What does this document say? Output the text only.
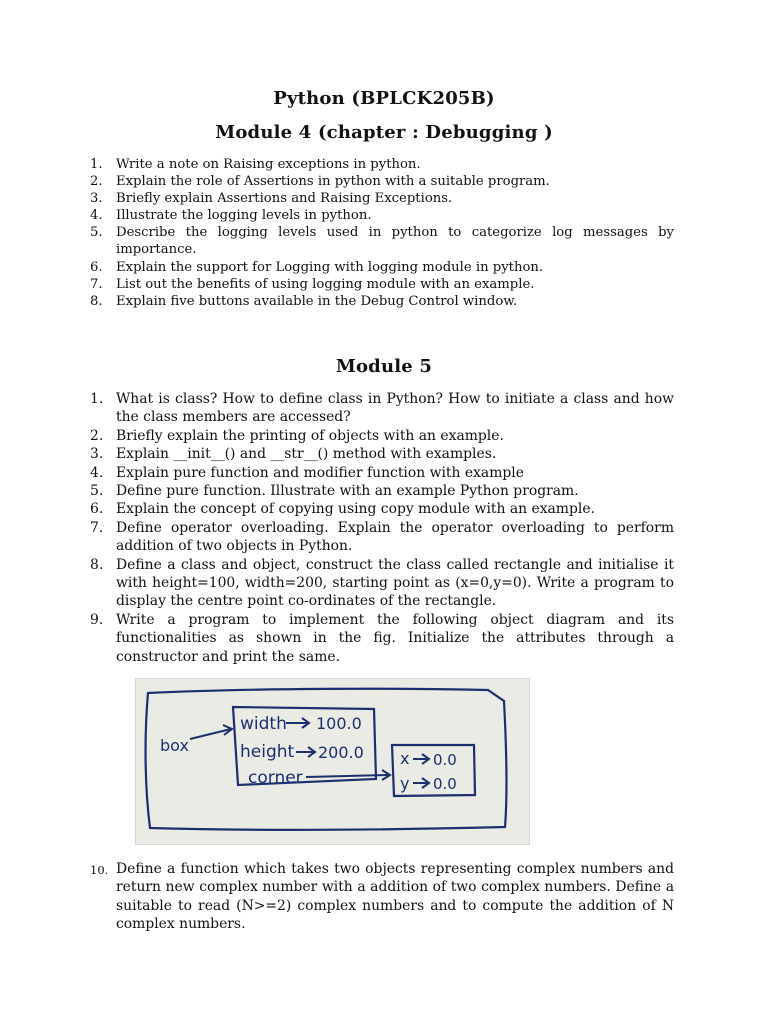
Python (BPLCK205B)
Module 4 (chapter : Debugging )
1. Write a note on Raising exceptions in python.
2. Explain the role of Assertions in python with a suitable program.
3. Briefly explain Assertions and Raising Exceptions.
4. Illustrate the logging levels in python.
5. Describe the logging levels used in python to categorize log messages by importance.
6. Explain the support for Logging with logging module in python.
7. List out the benefits of using logging module with an example.
8. Explain five buttons available in the Debug Control window.
Module 5
1. What is class? How to define class in Python? How to initiate a class and how the class members are accessed?
2. Briefly explain the printing of objects with an example.
3. Explain __init__() and __str__() method with examples.
4. Explain pure function and modifier function with example
5. Define pure function. Illustrate with an example Python program.
6. Explain the concept of copying using copy module with an example.
7. Define operator overloading. Explain the operator overloading to perform addition of two objects in Python.
8. Define a class and object, construct the class called rectangle and initialise it with height=100, width=200, starting point as (x=0,y=0). Write a program to display the centre point co-ordinates of the rectangle.
9. Write a program to implement the following object diagram and its functionalities as shown in the fig. Initialize the attributes through a constructor and print the same.
box
width 100.0
height 200.0
corner
x 0.0
y 0.0
10. Define a function which takes two objects representing complex numbers and return new complex number with a addition of two complex numbers. Define a suitable to read (N>=2) complex numbers and to compute the addition of N complex numbers.
